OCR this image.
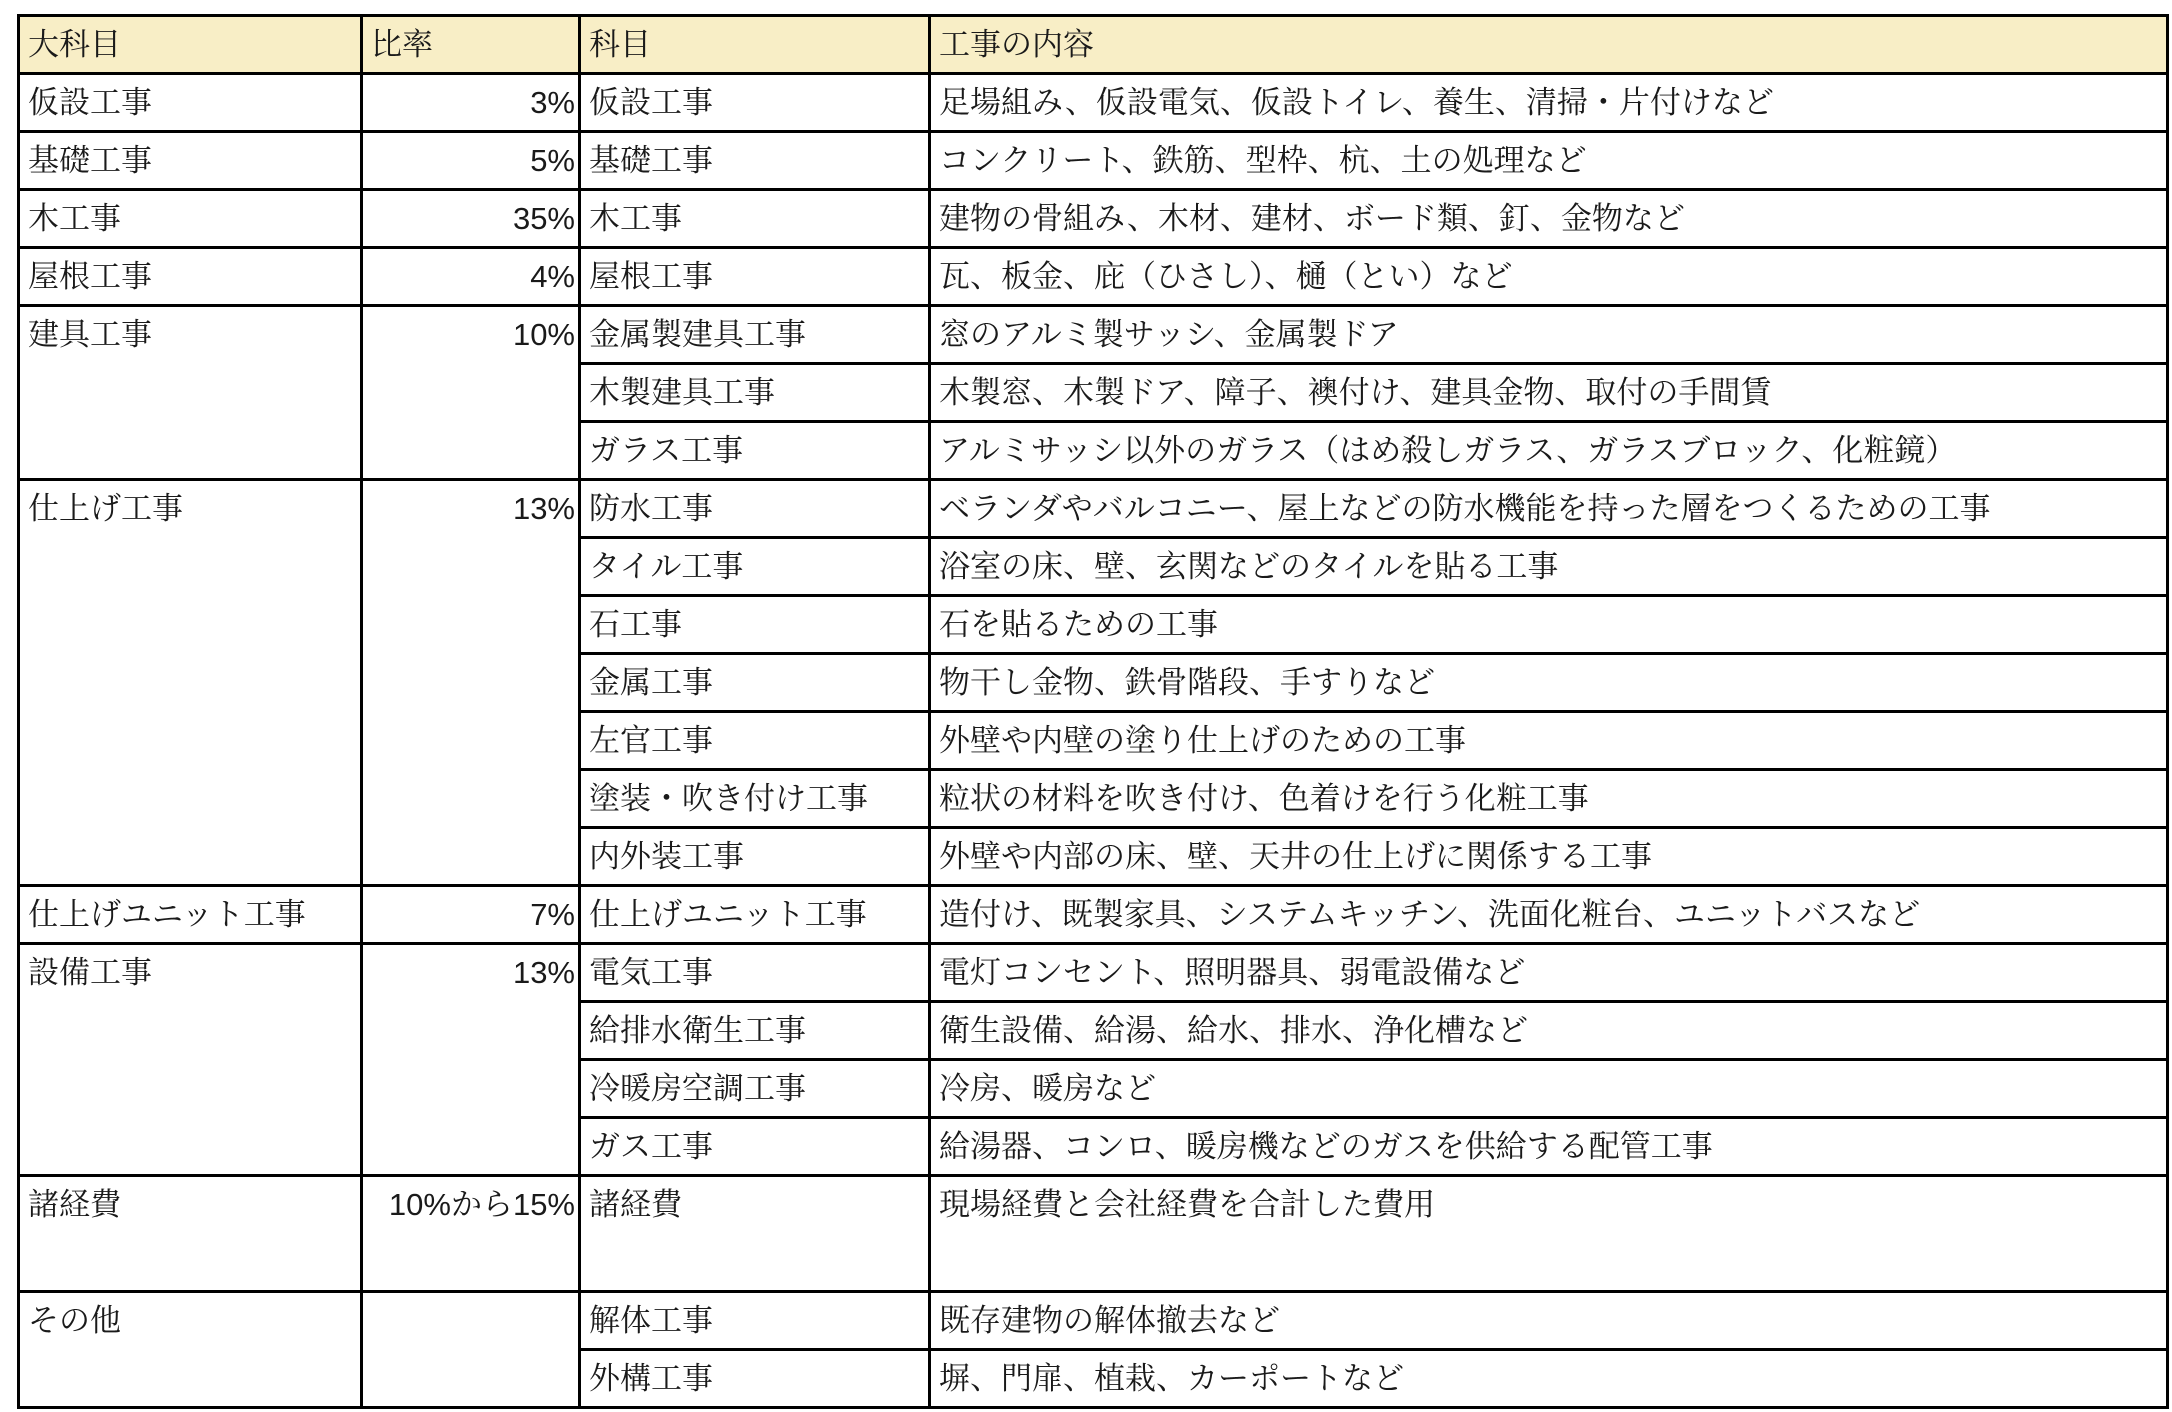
大科目	比率	科目	工事の内容
仮設工事	3%	仮設工事	足場組み、仮設電気、仮設トイレ、養生、清掃・片付けなど
基礎工事	5%	基礎工事	コンクリート、鉄筋、型枠、杭、土の処理など
木工事	35%	木工事	建物の骨組み、木材、建材、ボード類、釘、金物など
屋根工事	4%	屋根工事	瓦、板金、庇（ひさし）、樋（とい）など
建具工事	10%	金属製建具工事	窓のアルミ製サッシ、金属製ドア
		木製建具工事	木製窓、木製ドア、障子、襖付け、建具金物、取付の手間賃
		ガラス工事	アルミサッシ以外のガラス（はめ殺しガラス、ガラスブロック、化粧鏡）
仕上げ工事	13%	防水工事	ベランダやバルコニー、屋上などの防水機能を持った層をつくるための工事
		タイル工事	浴室の床、壁、玄関などのタイルを貼る工事
		石工事	石を貼るための工事
		金属工事	物干し金物、鉄骨階段、手すりなど
		左官工事	外壁や内壁の塗り仕上げのための工事
		塗装・吹き付け工事	粒状の材料を吹き付け、色着けを行う化粧工事
		内外装工事	外壁や内部の床、壁、天井の仕上げに関係する工事
仕上げユニット工事	7%	仕上げユニット工事	造付け、既製家具、システムキッチン、洗面化粧台、ユニットバスなど
設備工事	13%	電気工事	電灯コンセント、照明器具、弱電設備など
		給排水衛生工事	衛生設備、給湯、給水、排水、浄化槽など
		冷暖房空調工事	冷房、暖房など
		ガス工事	給湯器、コンロ、暖房機などのガスを供給する配管工事
諸経費	10%から15%	諸経費	現場経費と会社経費を合計した費用
その他		解体工事	既存建物の解体撤去など
		外構工事	塀、門扉、植栽、カーポートなど
